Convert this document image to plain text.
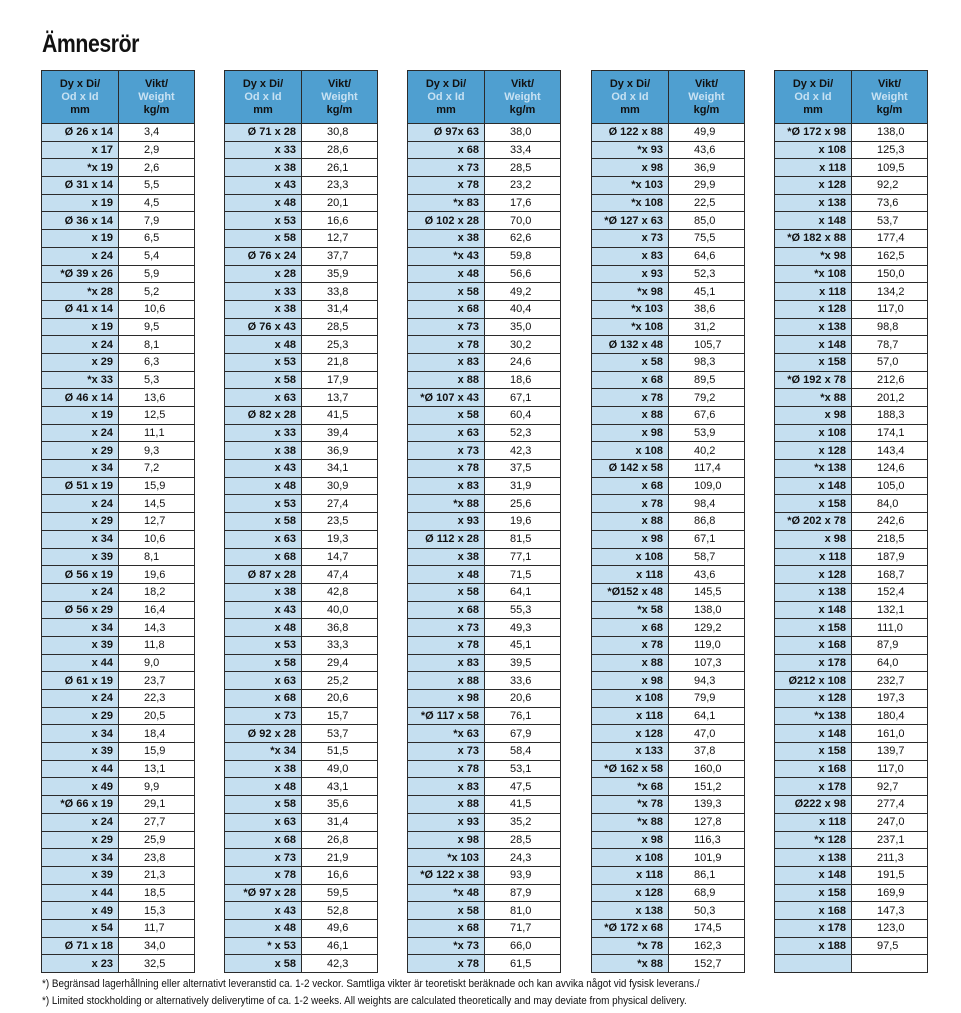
Ämnesrör
Dy x Di/
Od x Id
mm	Vikt/
Weight
kg/m

Ø 26 x 14	3,4
x 17	2,9
*x 19	2,6
Ø 31 x 14	5,5
x 19	4,5
Ø 36 x 14	7,9
x 19	6,5
x 24	5,4
*Ø 39 x 26	5,9
*x 28	5,2
Ø 41 x 14	10,6
x 19	9,5
x 24	8,1
x 29	6,3
*x 33	5,3
Ø 46 x 14	13,6
x 19	12,5
x 24	11,1
x 29	9,3
x 34	7,2
Ø 51 x 19	15,9
x 24	14,5
x 29	12,7
x 34	10,6
x 39	8,1
Ø 56 x 19	19,6
x 24	18,2
Ø 56 x 29	16,4
x 34	14,3
x 39	11,8
x 44	9,0
Ø 61 x 19	23,7
x 24	22,3
x 29	20,5
x 34	18,4
x 39	15,9
x 44	13,1
x 49	9,9
*Ø 66 x 19	29,1
x 24	27,7
x 29	25,9
x 34	23,8
x 39	21,3
x 44	18,5
x 49	15,3
x 54	11,7
Ø 71 x 18	34,0
x 23	32,5
Dy x Di/
Od x Id
mm	Vikt/
Weight
kg/m

Ø 71 x 28	30,8
x 33	28,6
x 38	26,1
x 43	23,3
x 48	20,1
x 53	16,6
x 58	12,7
Ø 76 x 24	37,7
x 28	35,9
x 33	33,8
x 38	31,4
Ø 76 x 43	28,5
x 48	25,3
x 53	21,8
x 58	17,9
x 63	13,7
Ø 82 x 28	41,5
x 33	39,4
x 38	36,9
x 43	34,1
x 48	30,9
x 53	27,4
x 58	23,5
x 63	19,3
x 68	14,7
Ø 87 x 28	47,4
x 38	42,8
x 43	40,0
x 48	36,8
x 53	33,3
x 58	29,4
x 63	25,2
x 68	20,6
x 73	15,7
Ø 92 x 28	53,7
*x 34	51,5
x 38	49,0
x 48	43,1
x 58	35,6
x 63	31,4
x 68	26,8
x 73	21,9
x 78	16,6
*Ø 97 x 28	59,5
x 43	52,8
x 48	49,6
* x 53	46,1
x 58	42,3
Dy x Di/
Od x Id
mm	Vikt/
Weight
kg/m

Ø 97x 63	38,0
x 68	33,4
x 73	28,5
x 78	23,2
*x 83	17,6
Ø 102 x 28	70,0
x 38	62,6
*x 43	59,8
x 48	56,6
x 58	49,2
x 68	40,4
x 73	35,0
x 78	30,2
x 83	24,6
x 88	18,6
*Ø 107 x 43	67,1
x 58	60,4
x 63	52,3
x 73	42,3
x 78	37,5
x 83	31,9
*x 88	25,6
x 93	19,6
Ø 112 x 28	81,5
x 38	77,1
x 48	71,5
x 58	64,1
x 68	55,3
x 73	49,3
x 78	45,1
x 83	39,5
x 88	33,6
x 98	20,6
*Ø 117 x 58	76,1
*x 63	67,9
x 73	58,4
x 78	53,1
x 83	47,5
x 88	41,5
x 93	35,2
x 98	28,5
*x 103	24,3
*Ø 122 x 38	93,9
*x 48	87,9
x 58	81,0
x 68	71,7
*x 73	66,0
x 78	61,5
Dy x Di/
Od x Id
mm	Vikt/
Weight
kg/m

Ø 122 x 88	49,9
*x 93	43,6
x 98	36,9
*x 103	29,9
*x 108	22,5
*Ø 127 x 63	85,0
x 73	75,5
x 83	64,6
x 93	52,3
*x 98	45,1
*x 103	38,6
*x 108	31,2
Ø 132 x 48	105,7
x 58	98,3
x 68	89,5
x 78	79,2
x 88	67,6
x 98	53,9
x 108	40,2
Ø 142 x 58	117,4
x 68	109,0
x 78	98,4
x 88	86,8
x 98	67,1
x 108	58,7
x 118	43,6
*Ø152 x 48	145,5
*x 58	138,0
x 68	129,2
x 78	119,0
x 88	107,3
x 98	94,3
x 108	79,9
x 118	64,1
x 128	47,0
x 133	37,8
*Ø 162 x 58	160,0
*x 68	151,2
*x 78	139,3
*x 88	127,8
x 98	116,3
x 108	101,9
x 118	86,1
x 128	68,9
x 138	50,3
*Ø 172 x 68	174,5
*x 78	162,3
*x 88	152,7
Dy x Di/
Od x Id
mm	Vikt/
Weight
kg/m

*Ø 172 x 98	138,0
x 108	125,3
x 118	109,5
x 128	92,2
x 138	73,6
x 148	53,7
*Ø 182 x 88	177,4
*x 98	162,5
*x 108	150,0
x 118	134,2
x 128	117,0
x 138	98,8
x 148	78,7
x 158	57,0
*Ø 192 x 78	212,6
*x 88	201,2
x 98	188,3
x 108	174,1
x 128	143,4
*x 138	124,6
x 148	105,0
x 158	84,0
*Ø 202 x 78	242,6
x 98	218,5
x 118	187,9
x 128	168,7
x 138	152,4
x 148	132,1
x 158	111,0
x 168	87,9
x 178	64,0
Ø212 x 108	232,7
x 128	197,3
*x 138	180,4
x 148	161,0
x 158	139,7
x 168	117,0
x 178	92,7
Ø222 x 98	277,4
x 118	247,0
*x 128	237,1
x 138	211,3
x 148	191,5
x 158	169,9
x 168	147,3
x 178	123,0
x 188	97,5

*) Begränsad lagerhållning eller alternativt leveranstid ca. 1-2 veckor. Samtliga vikter är teoretiskt beräknade och kan avvika något vid fysisk leverans./

*) Limited stockholding or alternatively deliverytime of ca. 1-2 weeks. All weights are calculated theoretically and may deviate from physical delivery.
